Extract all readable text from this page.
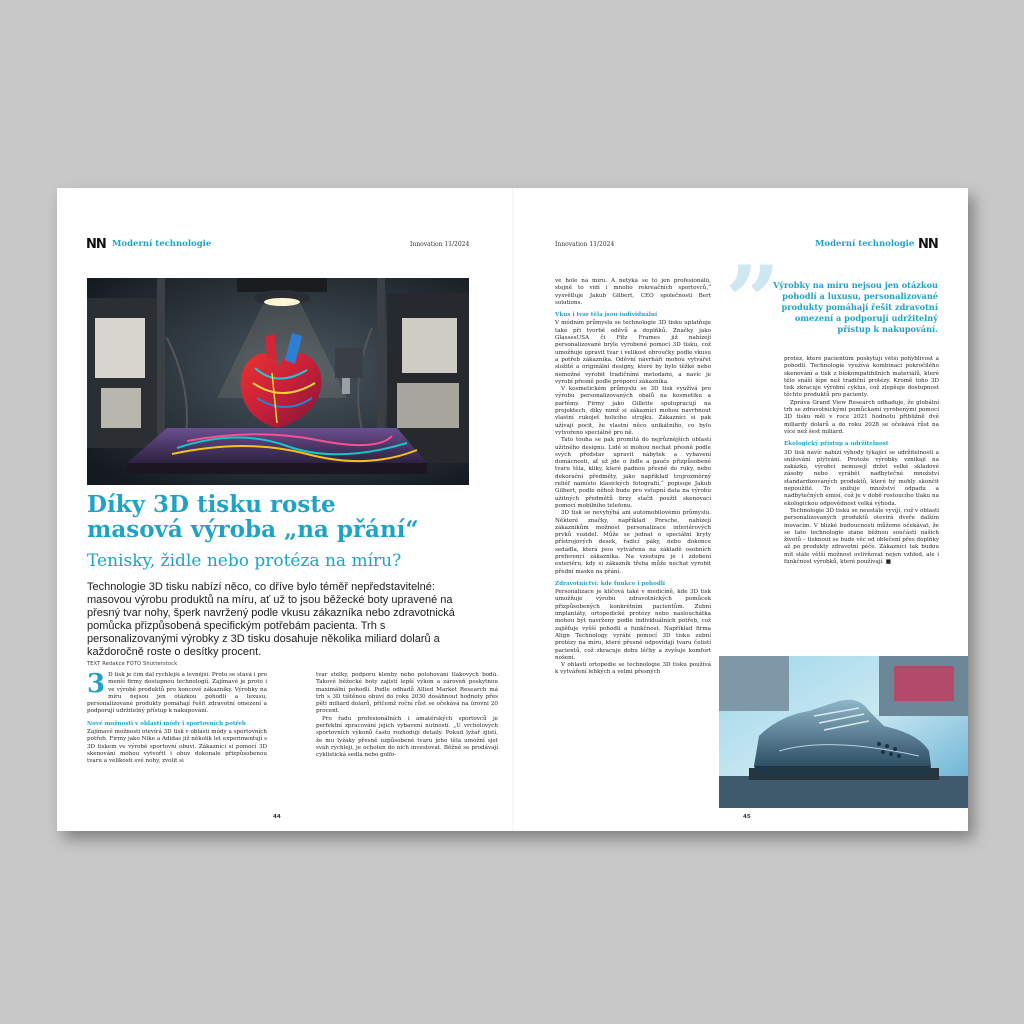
NN Moderní technologie	Innovation 11/2024
Díky 3D tisku roste
masová výroba „na přání“
Tenisky, židle nebo protéza na míru?
Technologie 3D tisku nabízí něco, co dříve bylo téměř nepředstavitelné: masovou výrobu produktů na míru, ať už to jsou běžecké boty upravené na přesný tvar nohy, šperk navržený podle vkusu zákazníka nebo zdravotnická pomůcka přizpůsobená specifickým potřebám pacienta. Trh s personalizovanými výrobky z 3D tisku dosahuje několika miliard dolarů a každoročně roste o desítky procent.
TEXT Redakce FOTO Shutterstock
3 D tisk je čím dál rychlejší a levnější. Proto se stává i pro menší firmy dostupnou technologií. Zajímavé je proto i ve výrobě produktů pro koncové zákazníky. Výrobky na míru nejsou jen otázkou pohodlí a luxusu, personalizované produkty pomáhají řešit zdravotní omezení a podporují udržitelný přístup k nakupování.

Nové možnosti v oblasti módy i sportovních potřeb

Zajímavé možnosti otevírá 3D tisk v oblasti módy a sportovních potřeb. Firmy jako Nike a Adidas již několik let experimentují s 3D tiskem ve výrobě sportovní obuvi. Zákazníci si pomocí 3D skenování mohou vytvořit i obuv dokonale přizpůsobenou tvaru a velikosti své nohy, zvolit si

tvar stélky, podporu klenby nebo polohování tlakových bodů. Takové běžecké boty zajistí lepší výkon a zároveň poskytnou maximální pohodlí. Podle odhadů Allied Market Research má trh s 3D tištěnou obuví do roku 2030 dosáhnout hodnoty přes pěti miliard dolarů, přičemž roční růst se očekává na úrovni 20 procent.

Pro řadu profesionálních i amatérských sportovců je perfektní zpracování jejich vybavení nutností. „U vrcholových sportovních výkonů často rozhodují detaily. Pokud lyžař zjistí, že mu lyžáky přesně uzpůsobené tvaru jeho těla umožní sjet svah rychleji, je ochoten do nich investovat. Běžně se prodávají cyklistická sedla nebo golfo-

44
Innovation 11/2024	Moderní technologie NN

vé hole na míru. A netýká se to jen profesionálů, stejně to vidí i mnoho rekreačních sportovců,“ vysvětluje Jakub Gilbert, CEO společnosti Bert solutions.

Vkus i tvar těla jsou individuální

V módním průmyslu se technologie 3D tisku uplatňuje také při tvorbě oděvů a doplňků. Značky jako GlassesUSA či Fitz Frames již nabízejí personalizované brýle vyrobené pomocí 3D tisku, což umožňuje upravit tvar i velikost obroučky podle vkusu a potřeb zákazníka. Oděvní návrháři mohou vytvářet složité a originální designy, které by bylo těžké nebo nemožné vyrobit tradičními metodami, a navíc je vyrobí přesně podle proporcí zákazníka.

V kosmetickém průmyslu se 3D tisk využívá pro výrobu personalizovaných obalů na kosmetiku a parfémy. Firmy jako Gillette spolupracují na projektech, díky nimž si zákazníci mohou navrhnout vlastní rukojeť holicího strojku. Zákazníci si pak užívají pocit, že vlastní něco unikátního, co bylo vytvořeno speciálně pro ně.

Tato touha se pak promítá do nejrůznějších oblastí užitného designu. Lidé si mohou nechat přesně podle svých představ upravit nábytek a vybavení domácnosti, ať už jde o židle a gauče přizpůsobené tvaru těla, kliky, které padnou přesně do ruky, nebo dekorační předměty, jako například trojrozměrný reliéf namísto klasických fotografií,“ popisuje Jakub Gilbert, podle něhož bude pro vstupní data na výrobu užitných předmětů brzy stačit použít skenovací pomocí mobilního telefonu.

3D tisk se nevyhýbá ani automobilovému průmyslu. Některé značky, například Porsche, nabízejí zákazníkům možnost personalizace interiérových prvků vozidel. Může se jednat o speciální kryty přístrojových desek, řadicí páky, nebo dokonce sedadla, která jsou vytvářena na základě osobních preferencí zákazníka. Na vzestupu je i zdobení exteriéru, kdy si zákazník třeba může nechat vyrobit přední masku na přání.

Zdravotnictví: kde funkce i pohodlí

Personalizace je klíčová také v medicíně, kde 3D tisk umožňuje výrobu zdravotnických pomůcek přizpůsobených konkrétním pacientům. Zubní implantáty, ortopedické protézy nebo naslouchátka mohou být navrženy podle individuálních potřeb, což zajišťuje vyšší pohodlí a funkčnost. Například firma Align Technology vyrábí pomocí 3D tisku zubní protézy na míru, které přesně odpovídají tvaru čelistí pacientů, což zkracuje dobu léčby a zvyšuje komfort nošení.

V oblasti ortopedie se technologie 3D tisku používá k vytváření lehkých a velmi přesných

”
Výrobky na míru nejsou jen otázkou pohodlí a luxusu, personalizované produkty pomáhají řešit zdravotní omezení a podporují udržitelný přístup k nakupování.

protéz, které pacientům poskytují větší pohyblivost a pohodlí. Technologie využívá kombinaci pokročilého skenování a tisk z biokompatibilních materiálů, které tělo snáší lépe než tradiční protézy. Kromě toho 3D tisk zkracuje výrobní cyklus, což zlepšuje dostupnost těchto produktů pro pacienty.

Zpráva Grand View Research odhaduje, že globální trh se zdravotnickými pomůckami vyrobenými pomocí 3D tisku měl v roce 2021 hodnotu přibližně dvě miliardy dolarů a do roku 2028 se očekává růst na více než šest miliard.

Ekologický přístup a udržitelnost

3D tisk navíc nabízí výhody týkající se udržitelnosti a snižování plýtvání. Protože výrobky vznikají na zakázku, výrobci nemusejí držet velké skladové zásoby nebo vyrábět nadbytečné množství standardizovaných produktů, které by mohly skončit nepoužité. To snižuje množství odpadu a nadbytečných emisí, což je v době rostoucího tlaku na ekologickou odpovědnost velká výhoda.

Technologie 3D tisku se neustále vyvíjí, což v oblasti personalizovaných produktů otevírá dveře dalším inovacím. V blízké budoucnosti můžeme očekávat, že se tato technologie stane běžnou součástí našich životů – tisknout se bude věc od oblečení přes doplňky až po produkty zdravotní péče. Zákazníci tak budou mít stále větší možnost ovlivňovat nejen vzhled, ale i funkčnost výrobků, které používají. ■

45
